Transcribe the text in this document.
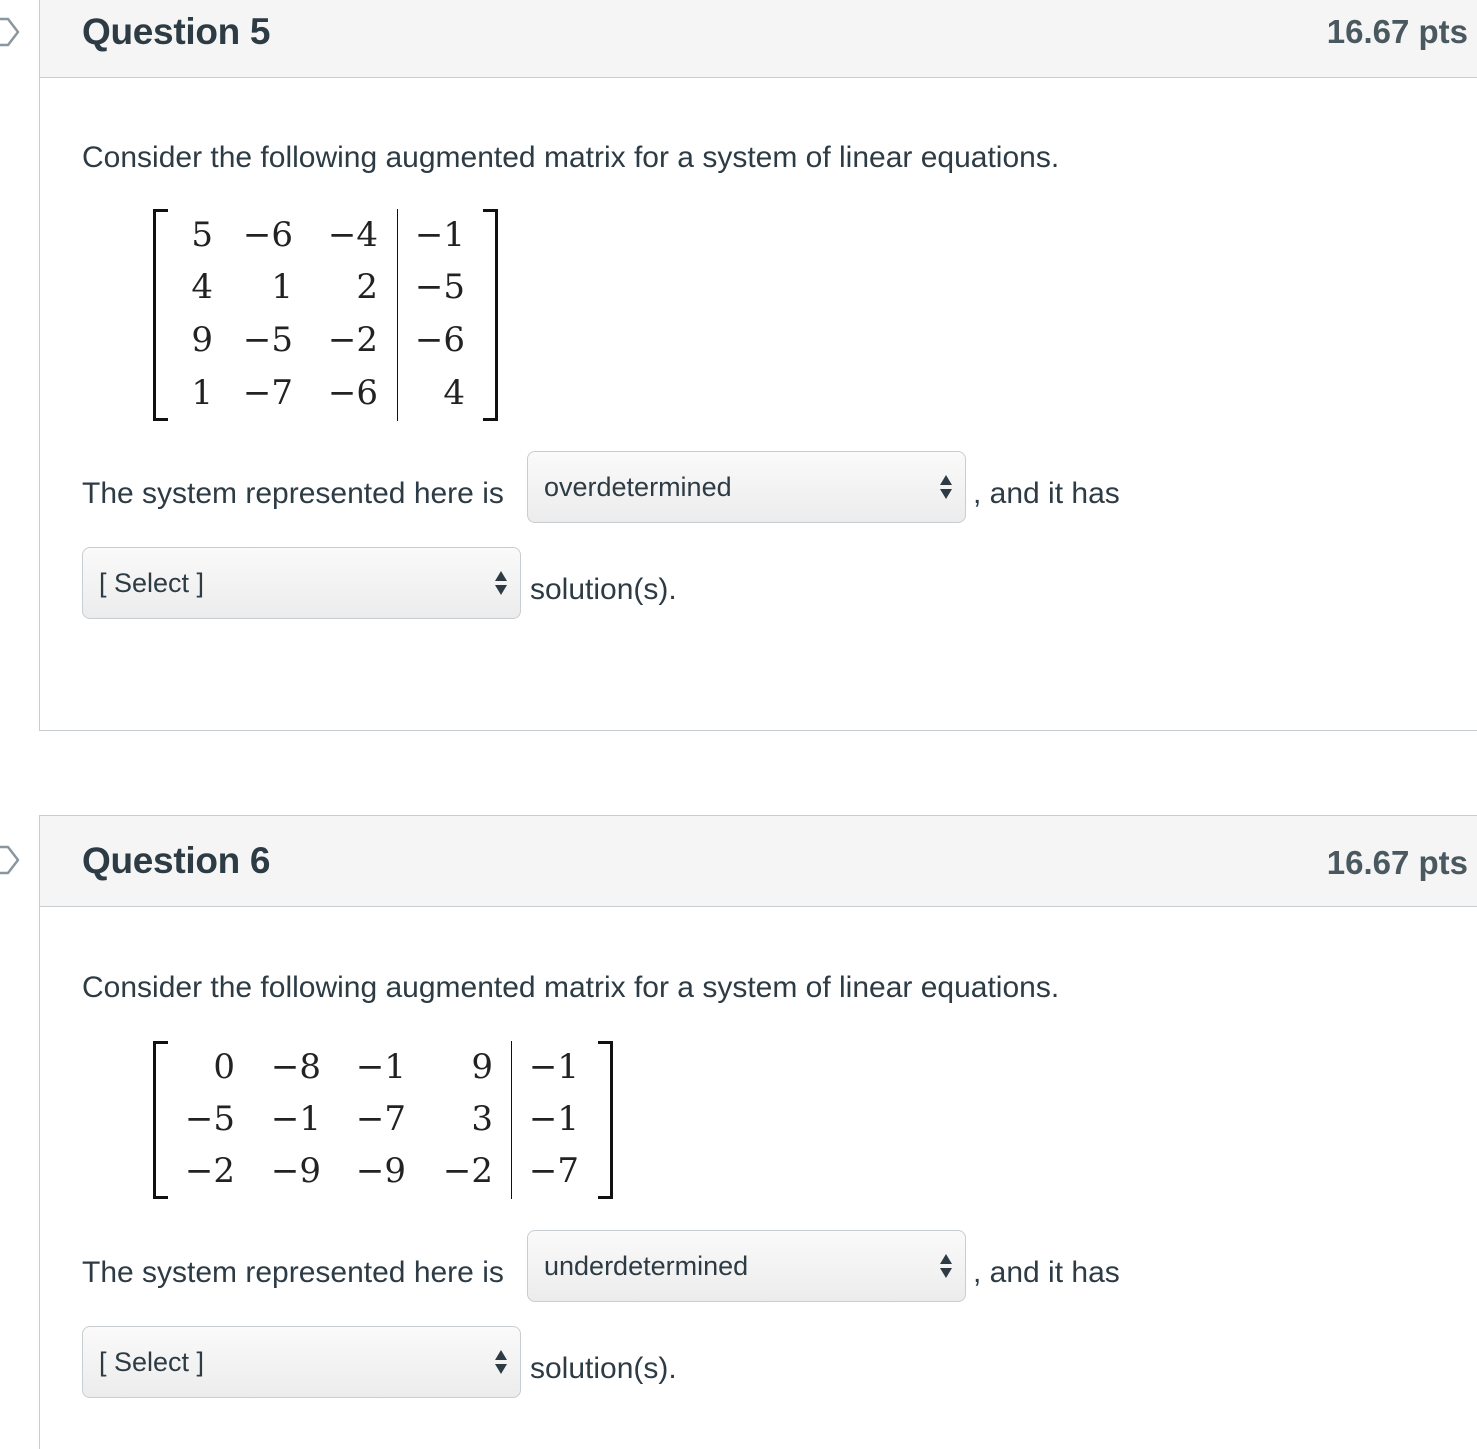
Question 5	16.67 pts
Consider the following augmented matrix for a system of linear equations.
5 −6 −4 −1
4	1	2 −5
9 −5 −2 −6
1 −7 −6	4
The system represented here is overdetermined	, and it has
[ Select ]	solution(s).
Question 6	16.67 pts
Consider the following augmented matrix for a system of linear equations.
0 −8 −1	9 −1
−5 −1 −7	3 −1
−2 −9 −9 −2 −7
The system represented here is underdetermined	, and it has
[ Select ]	solution(s).
